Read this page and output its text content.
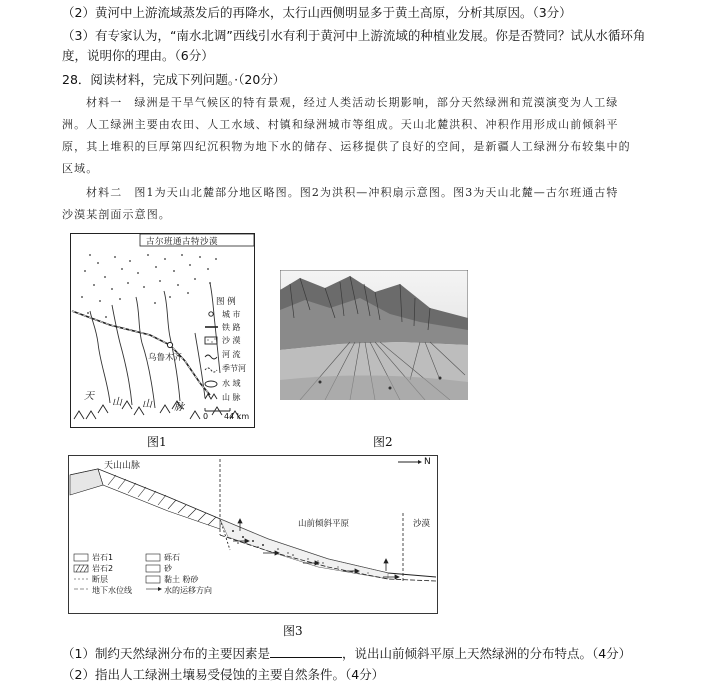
（2）黄河中上游流域蒸发后的再降水，太行山西侧明显多于黄土高原，分析其原因。（3分）
（3）有专家认为，“南水北调”西线引水有利于黄河中上游流域的种植业发展。你是否赞同？试从水循环角
度，说明你的理由。（6分）
28．阅读材料，完成下列问题。·（20分）
材料一　绿洲是干旱气候区的特有景观，经过人类活动长期影响，部分天然绿洲和荒漠演变为人工绿
洲。人工绿洲主要由农田、人工水域、村镇和绿洲城市等组成。天山北麓洪积、冲积作用形成山前倾斜平
原，其上堆积的巨厚第四纪沉积物为地下水的储存、运移提供了良好的空间，是新疆人工绿洲分布较集中的
区域。
材料二　图1为天山北麓部分地区略图。图2为洪积—冲积扇示意图。图3为天山北麓—古尔班通古特
沙漠某剖面示意图。
古尔班通古特沙漠
乌鲁木齐
图 例
城 市
铁 路
沙 漠
河 流
季节河
水 域
山 脉
0 44 km
天
山 山 脉
图1	图2
天山山脉
山前倾斜平原	沙漠
N
岩石1
岩石2
断层
地下水位线
砾石
砂
黏土 粉砂
水的运移方向
图3
（1）制约天然绿洲分布的主要因素是	，说出山前倾斜平原上天然绿洲的分布特点。（4分）
（2）指出人工绿洲土壤易受侵蚀的主要自然条件。（4分）
